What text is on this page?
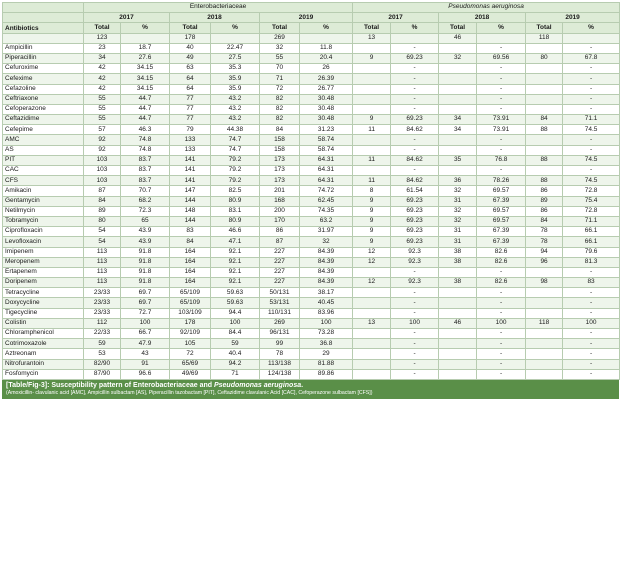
	Enterobacteriaceae						Pseudomonas aeruginosa					
	2017		2018		2019		2017		2018		2019	
Antibiotics	Total	%	Total	%	Total	%	Total	%	Total	%	Total	%
	123		178		269		13		46		118	
Ampicillin	23	18.7	40	22.47	32	11.8		-		-		-
Piperacillin	34	27.6	49	27.5	55	20.4	9	69.23	32	69.56	80	67.8
Cefuroxime	42	34.15	63	35.3	70	26		-		-		-
Cefexime	42	34.15	64	35.9	71	26.39		-		-		-
Cefazoline	42	34.15	64	35.9	72	26.77		-		-		-
Ceftriaxone	55	44.7	77	43.2	82	30.48		-		-		-
Cefoperazone	55	44.7	77	43.2	82	30.48		-		-		-
Ceftazidime	55	44.7	77	43.2	82	30.48	9	69.23	34	73.91	84	71.1
Cefepime	57	46.3	79	44.38	84	31.23	11	84.62	34	73.91	88	74.5
AMC	92	74.8	133	74.7	158	58.74		-		-		-
AS	92	74.8	133	74.7	158	58.74		-		-		-
PIT	103	83.7	141	79.2	173	64.31	11	84.62	35	76.8	88	74.5
CAC	103	83.7	141	79.2	173	64.31		-		-		-
CFS	103	83.7	141	79.2	173	64.31	11	84.62	36	78.26	88	74.5
Amikacin	87	70.7	147	82.5	201	74.72	8	61.54	32	69.57	86	72.8
Gentamycin	84	68.2	144	80.9	168	62.45	9	69.23	31	67.39	89	75.4
Netilmycin	89	72.3	148	83.1	200	74.35	9	69.23	32	69.57	86	72.8
Tobramycin	80	65	144	80.9	170	63.2	9	69.23	32	69.57	84	71.1
Ciprofloxacin	54	43.9	83	46.6	86	31.97	9	69.23	31	67.39	78	66.1
Levofloxacin	54	43.9	84	47.1	87	32	9	69.23	31	67.39	78	66.1
Imipenem	113	91.8	164	92.1	227	84.39	12	92.3	38	82.6	94	79.6
Meropenem	113	91.8	164	92.1	227	84.39	12	92.3	38	82.6	96	81.3
Ertapenem	113	91.8	164	92.1	227	84.39		-		-		-
Doripenem	113	91.8	164	92.1	227	84.39	12	92.3	38	82.6	98	83
Tetracycline	23/33	69.7	65/109	59.63	50/131	38.17		-		-		-
Doxycycline	23/33	69.7	65/109	59.63	53/131	40.45		-		-		-
Tigecycline	23/33	72.7	103/109	94.4	110/131	83.96		-		-		-
Colistin	112	100	178	100	269	100	13	100	46	100	118	100
Chloramphenicol	22/33	66.7	92/109	84.4	96/131	73.28		-		-		-
Cotrimoxazole	59	47.9	105	59	99	36.8		-		-		-
Aztreonam	53	43	72	40.4	78	29		-		-		-
Nitrofurantoin	82/90	91	65/69	94.2	113/138	81.88		-		-		-
Fosfomycin	87/90	96.6	49/69	71	124/138	89.86		-		-		-
[Table/Fig-3]: Susceptibility pattern of Enterobacteriaceae and Pseudomonas aeruginosa.
(Amoxicillin- clavulanic acid [AMC], Ampicillin sulbactam [AS], Piperacillin tazobactam [PIT], Ceftazidime clavulanic Acid [CAC], Cefoperazone sulbactam [CFS])
